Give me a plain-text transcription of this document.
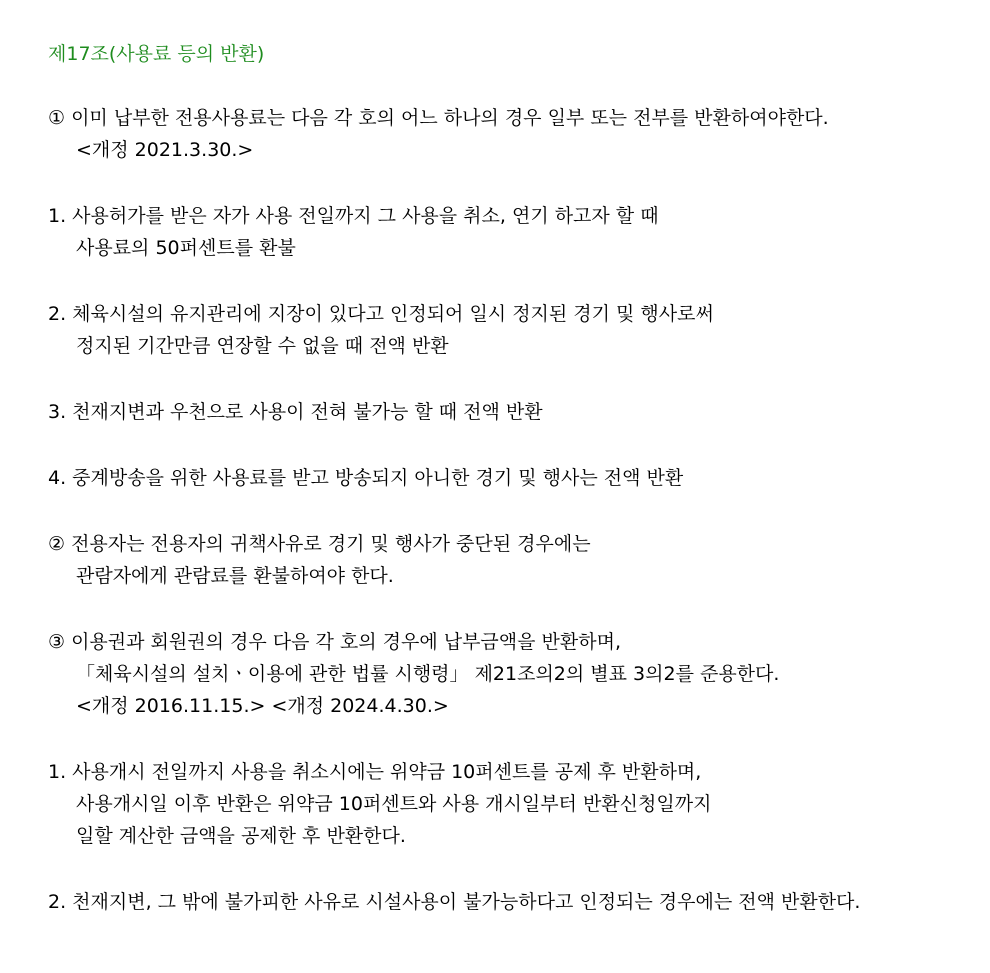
제17조(사용료 등의 반환)
① 이미 납부한 전용사용료는 다음 각 호의 어느 하나의 경우 일부 또는 전부를 반환하여야한다.
<개정 2021.3.30.>
1. 사용허가를 받은 자가 사용 전일까지 그 사용을 취소, 연기 하고자 할 때
사용료의 50퍼센트를 환불
2. 체육시설의 유지관리에 지장이 있다고 인정되어 일시 정지된 경기 및 행사로써
정지된 기간만큼 연장할 수 없을 때 전액 반환
3. 천재지변과 우천으로 사용이 전혀 불가능 할 때 전액 반환
4. 중계방송을 위한 사용료를 받고 방송되지 아니한 경기 및 행사는 전액 반환
② 전용자는 전용자의 귀책사유로 경기 및 행사가 중단된 경우에는
관람자에게 관람료를 환불하여야 한다.
③ 이용권과 회원권의 경우 다음 각 호의 경우에 납부금액을 반환하며,
「체육시설의 설치ㆍ이용에 관한 법률 시행령」 제21조의2의 별표 3의2를 준용한다.
<개정 2016.11.15.> <개정 2024.4.30.>
1. 사용개시 전일까지 사용을 취소시에는 위약금 10퍼센트를 공제 후 반환하며,
사용개시일 이후 반환은 위약금 10퍼센트와 사용 개시일부터 반환신청일까지
일할 계산한 금액을 공제한 후 반환한다.
2. 천재지변, 그 밖에 불가피한 사유로 시설사용이 불가능하다고 인정되는 경우에는 전액 반환한다.
